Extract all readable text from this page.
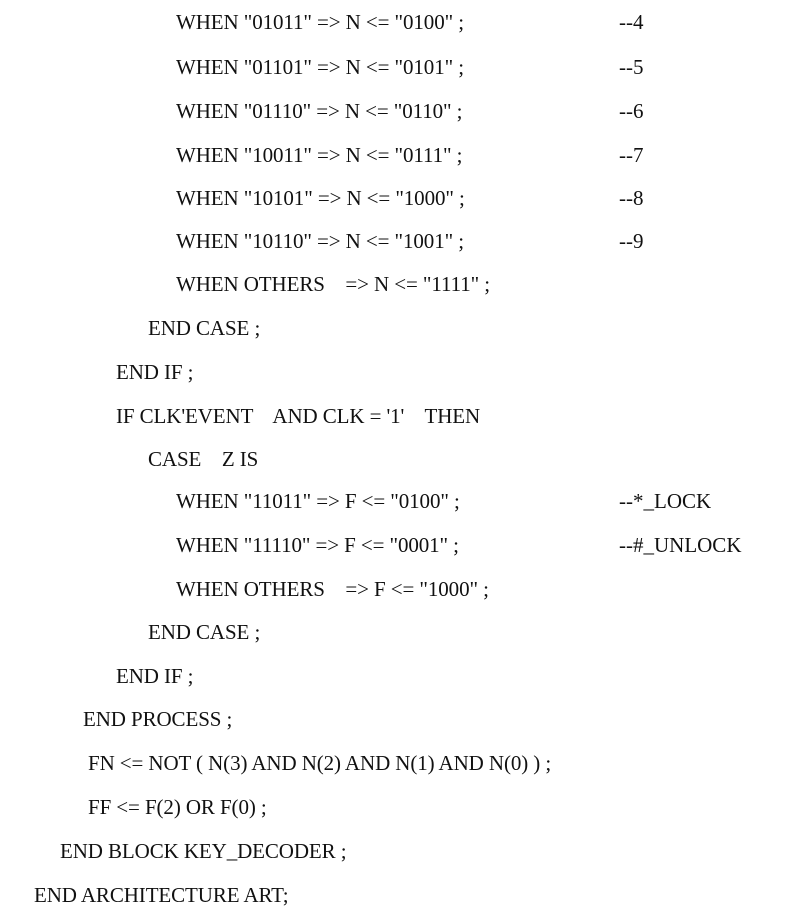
WHEN "01011" => N <= "0100" ;
WHEN "01101" => N <= "0101" ;
WHEN "01110" => N <= "0110" ;
WHEN "10011" => N <= "0111" ;
WHEN "10101" => N <= "1000" ;
WHEN "10110" => N <= "1001" ;
WHEN OTHERS    => N <= "1111" ;
END CASE ;
END IF ;
IF CLK'EVENT    AND CLK = '1'    THEN
CASE    Z IS
WHEN "11011" => F <= "0100" ;
WHEN "11110" => F <= "0001" ;
WHEN OTHERS    => F <= "1000" ;
END CASE ;
END IF ;
END PROCESS ;
FN <= NOT ( N(3) AND N(2) AND N(1) AND N(0) ) ;
FF <= F(2) OR F(0) ;
END BLOCK KEY_DECODER ;
END ARCHITECTURE ART;
--4
--5
--6
--7
--8
--9
--*_LOCK
--#_UNLOCK
